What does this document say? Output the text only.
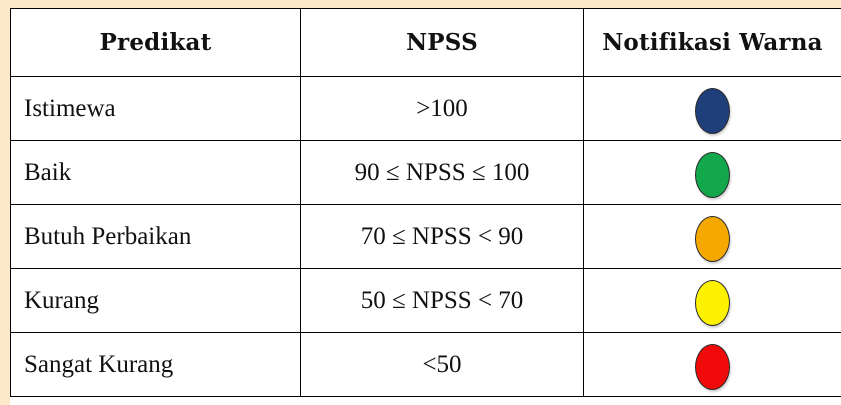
Predikat	NPSS	Notifikasi Warna
Istimewa	>100	
Baik	90 ≤ NPSS ≤ 100	
Butuh Perbaikan	70 ≤ NPSS < 90	
Kurang	50 ≤ NPSS < 70	
Sangat Kurang	<50	
